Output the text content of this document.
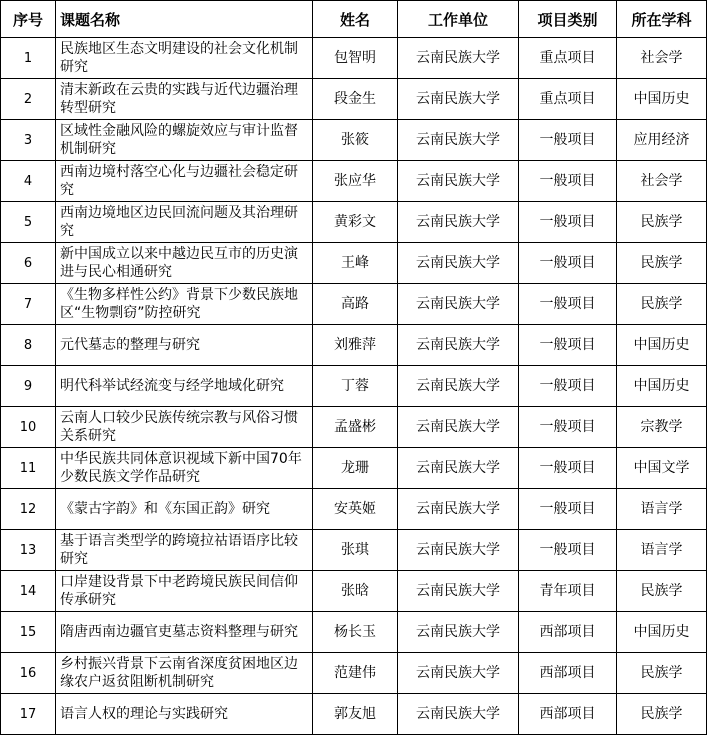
序号	课题名称	姓名	工作单位	项目类别	所在学科
1	民族地区生态文明建设的社会文化机制研究	包智明	云南民族大学	重点项目	社会学
2	清末新政在云贵的实践与近代边疆治理转型研究	段金生	云南民族大学	重点项目	中国历史
3	区域性金融风险的螺旋效应与审计监督机制研究	张筱	云南民族大学	一般项目	应用经济
4	西南边境村落空心化与边疆社会稳定研究	张应华	云南民族大学	一般项目	社会学
5	西南边境地区边民回流问题及其治理研究	黄彩文	云南民族大学	一般项目	民族学
6	新中国成立以来中越边民互市的历史演进与民心相通研究	王峰	云南民族大学	一般项目	民族学
7	《生物多样性公约》背景下少数民族地区“生物剽窃”防控研究	高路	云南民族大学	一般项目	民族学
8	元代墓志的整理与研究	刘雅萍	云南民族大学	一般项目	中国历史
9	明代科举试经流变与经学地域化研究	丁蓉	云南民族大学	一般项目	中国历史
10	云南人口较少民族传统宗教与风俗习惯关系研究	孟盛彬	云南民族大学	一般项目	宗教学
11	中华民族共同体意识视域下新中国70年少数民族文学作品研究	龙珊	云南民族大学	一般项目	中国文学
12	《蒙古字韵》和《东国正韵》研究	安英姬	云南民族大学	一般项目	语言学
13	基于语言类型学的跨境拉祜语语序比较研究	张琪	云南民族大学	一般项目	语言学
14	口岸建设背景下中老跨境民族民间信仰传承研究	张晗	云南民族大学	青年项目	民族学
15	隋唐西南边疆官吏墓志资料整理与研究	杨长玉	云南民族大学	西部项目	中国历史
16	乡村振兴背景下云南省深度贫困地区边缘农户返贫阻断机制研究	范建伟	云南民族大学	西部项目	民族学
17	语言人权的理论与实践研究	郭友旭	云南民族大学	西部项目	民族学
